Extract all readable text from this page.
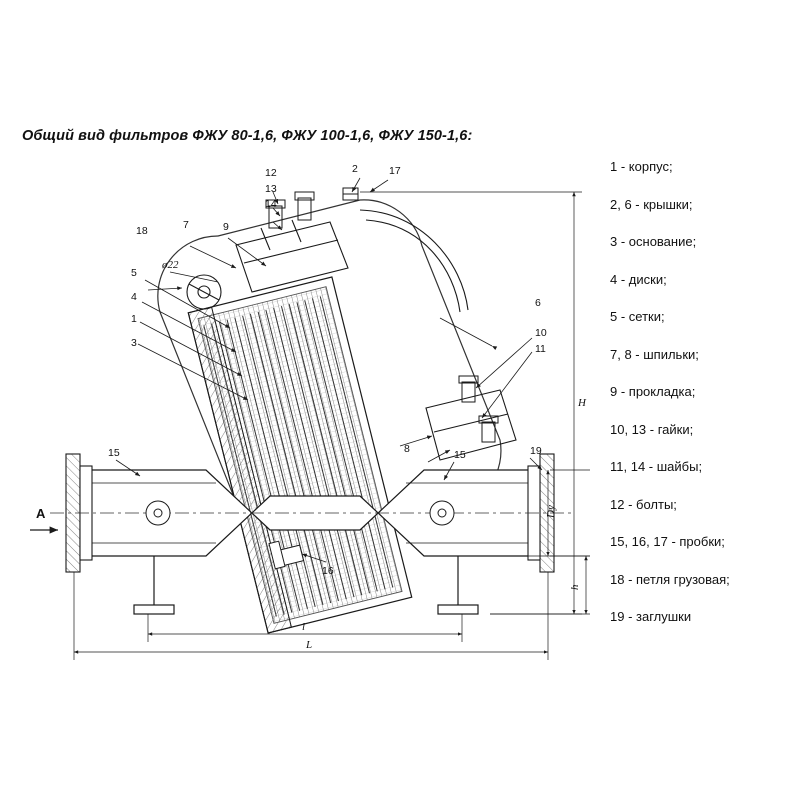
Общий вид фильтров ФЖУ 80-1,6, ФЖУ 100-1,6, ФЖУ 150-1,6:
1 - корпус;
2, 6 - крышки;
3 - основание;
4 - диски;
5 - сетки;
7, 8 - шпильки;
9 - прокладка;
10, 13 - гайки;
11, 14 - шайбы;
12 - болты;
15, 16, 17 - пробки;
18 - петля грузовая;
19 - заглушки
A
18	7	9
12
13
14
2	17
5
4
1
3
6
10
11
8
15	15	19
16
H
Dу
h
l
L
ø22
